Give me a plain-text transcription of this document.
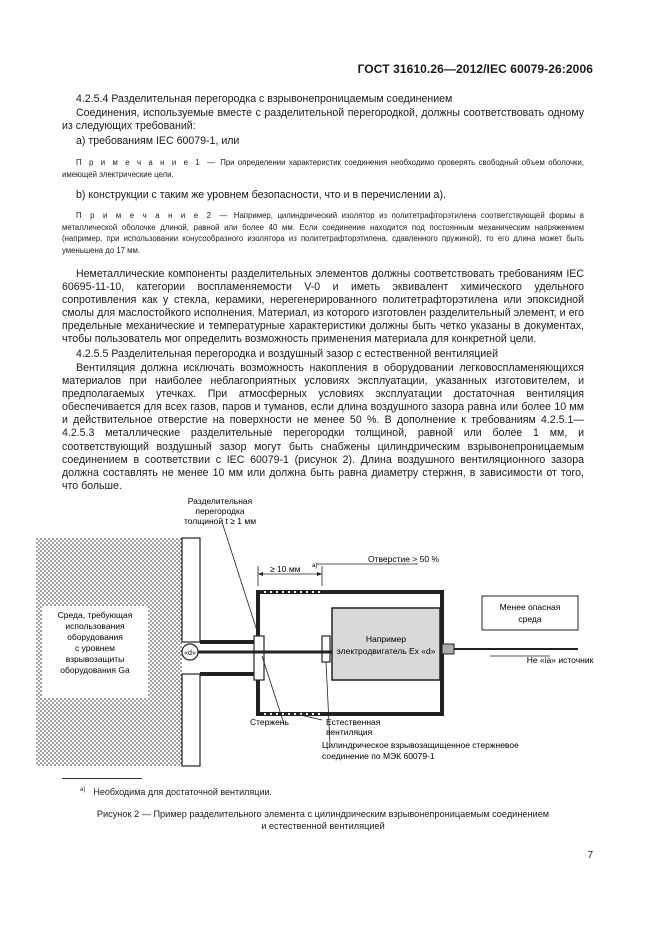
ГОСТ 31610.26—2012/IEC 60079-26:2006
4.2.5.4 Разделительная перегородка с взрывонепроницаемым соединением
Соединения, используемые вместе с разделительной перегородкой, должны соответствовать одному из следующих требований:
a) требованиям IEC 60079-1, или
П р и м е ч а н и е 1 — При определении характеристик соединения необходимо проверять свободный объем оболочки, имеющей электрические цели.
b) конструкции с таким же уровнем безопасности, что и в перечислении a).
П р и м е ч а н и е 2 — Например, цилиндрический изолятор из политетрафторэтилена соответствующей формы в металлической оболочке длиной, равной или более 40 мм. Если соединение находится под постоянным механическим напряжением (например, при использовании конусообразного изолятора из политетрафторэтилена, сдавленного пружиной), то его длина может быть уменьшена до 17 мм.
Неметаллические компоненты разделительных элементов должны соответствовать требованиям IEC 60695-11-10, категории воспламеняемости V-0 и иметь эквивалент химического удельного сопротивления как у стекла, керамики, нерегенерированного политетрафторэтилена или эпоксидной смолы для маслостойкого исполнения. Материал, из которого изготовлен разделительный элемент, и его предельные механические и температурные характеристики должны быть четко указаны в документах, чтобы пользователь мог определить возможность применения материала для конкретной цели.
4.2.5.5 Разделительная перегородка и воздушный зазор с естественной вентиляцией
Вентиляция должна исключать возможность накопления в оборудовании легковоспламеняющихся материалов при наиболее неблагоприятных условиях эксплуатации, указанных изготовителем, и предполагаемых утечках. При атмосферных условиях эксплуатации достаточная вентиляция обеспечивается для всех газов, паров и туманов, если длина воздушного зазора равна или более 10 мм и действительное отверстие на поверхности не менее 50 %. В дополнение к требованиям 4.2.5.1—4.2.5.3 металлические разделительные перегородки толщиной, равной или более 1 мм, и соответствующий воздушный зазор могут быть снабжены цилиндрическим взрывонепроницаемым соединением в соответствии с IEC 60079-1 (рисунок 2). Длина воздушного вентиляционного зазора должна составлять не менее 10 мм или должна быть равна диаметру стержня, в зависимости от того, что больше.
«d»
Разделительная
перегородка
толщиной t ≥ 1 мм
≥ 10 мм a)
Отверстие > 50 %
Менее опасная
среда
Среда, требующая
использования
оборудования
с уровнем
взрывозащиты
оборудования Ga
Например
электродвигатель Ex «d»
Не «ia» источник
Стержень	Естественная
вентиляция
Цилиндрическое взрывозащищенное стержневое
соединение по МЭК 60079-1
$^{a)}$ Необходима для достаточной вентиляции.
Рисунок 2 — Пример разделительного элемента с цилиндрическим взрывонепроницаемым соединением
и естественной вентиляцией
7
